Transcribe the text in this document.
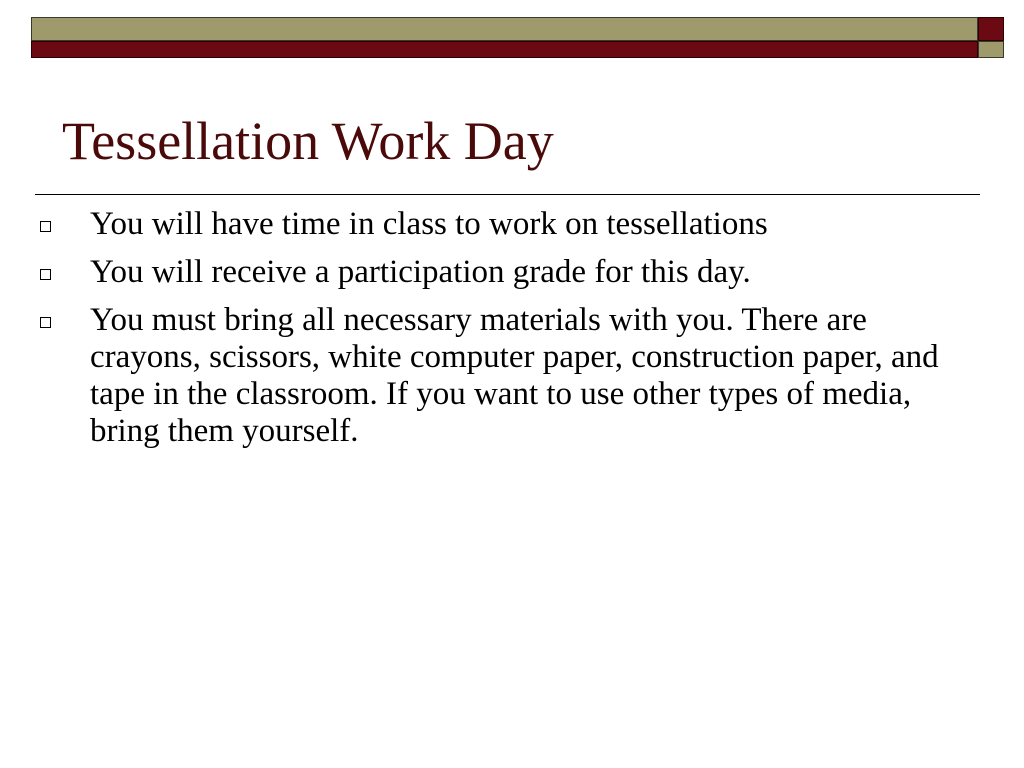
Tessellation Work Day
You will have time in class to work on tessellations
You will receive a participation grade for this day.
You must bring all necessary materials with you. There are crayons, scissors, white computer paper, construction paper, and tape in the classroom. If you want to use other types of media, bring them yourself.
